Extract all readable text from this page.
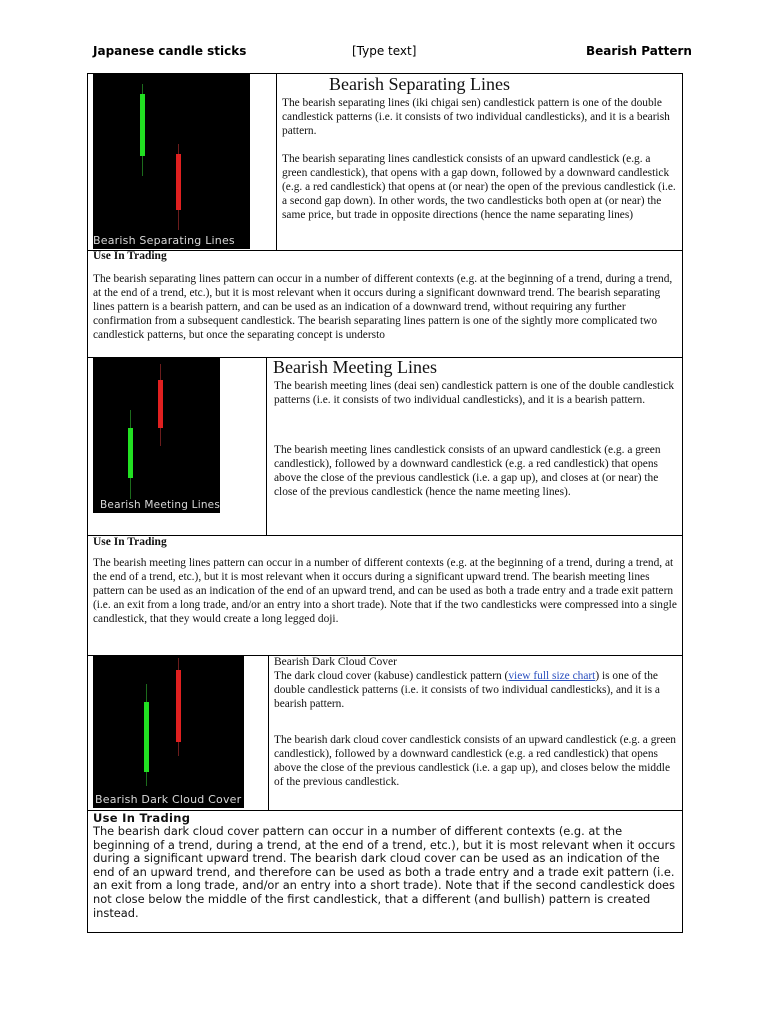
Japanese candle sticks	[Type text]	Bearish Pattern
Bearish Separating Lines
Bearish Separating Lines
The bearish separating lines (iki chigai sen) candlestick pattern is one of the double candlestick patterns (i.e. it consists of two individual candlesticks), and it is a bearish pattern.
The bearish separating lines candlestick consists of an upward candlestick (e.g. a green candlestick), that opens with a gap down, followed by a downward candlestick (e.g. a red candlestick) that opens at (or near) the open of the previous candlestick (i.e. a second gap down). In other words, the two candlesticks both open at (or near) the same price, but trade in opposite directions (hence the name separating lines)
Use In Trading
The bearish separating lines pattern can occur in a number of different contexts (e.g. at the beginning of a trend, during a trend, at the end of a trend, etc.), but it is most relevant when it occurs during a significant downward trend. The bearish separating lines pattern is a bearish pattern, and can be used as an indication of a downward trend, without requiring any further confirmation from a subsequent candlestick. The bearish separating lines pattern is one of the sightly more complicated two candlestick patterns, but once the separating concept is understo
Bearish Meeting Lines
Bearish Meeting Lines
The bearish meeting lines (deai sen) candlestick pattern is one of the double candlestick patterns (i.e. it consists of two individual candlesticks), and it is a bearish pattern.
The bearish meeting lines candlestick consists of an upward candlestick (e.g. a green candlestick), followed by a downward candlestick (e.g. a red candlestick) that opens above the close of the previous candlestick (i.e. a gap up), and closes at (or near) the close of the previous candlestick (hence the name meeting lines).
Use In Trading
The bearish meeting lines pattern can occur in a number of different contexts (e.g. at the beginning of a trend, during a trend, at the end of a trend, etc.), but it is most relevant when it occurs during a significant upward trend. The bearish meeting lines pattern can be used as an indication of the end of an upward trend, and can be used as both a trade entry and a trade exit pattern (i.e. an exit from a long trade, and/or an entry into a short trade). Note that if the two candlesticks were compressed into a single candlestick, that they would create a long legged doji.
Bearish Dark Cloud Cover
Bearish Dark Cloud Cover
The dark cloud cover (kabuse) candlestick pattern (view full size chart) is one of the double candlestick patterns (i.e. it consists of two individual candlesticks), and it is a bearish pattern.
The bearish dark cloud cover candlestick consists of an upward candlestick (e.g. a green candlestick), followed by a downward candlestick (e.g. a red candlestick) that opens above the close of the previous candlestick (i.e. a gap up), and closes below the middle of the previous candlestick.
Use In Trading
The bearish dark cloud cover pattern can occur in a number of different contexts (e.g. at the beginning of a trend, during a trend, at the end of a trend, etc.), but it is most relevant when it occurs during a significant upward trend. The bearish dark cloud cover can be used as an indication of the end of an upward trend, and therefore can be used as both a trade entry and a trade exit pattern (i.e. an exit from a long trade, and/or an entry into a short trade). Note that if the second candlestick does not close below the middle of the first candlestick, that a different (and bullish) pattern is created instead.
